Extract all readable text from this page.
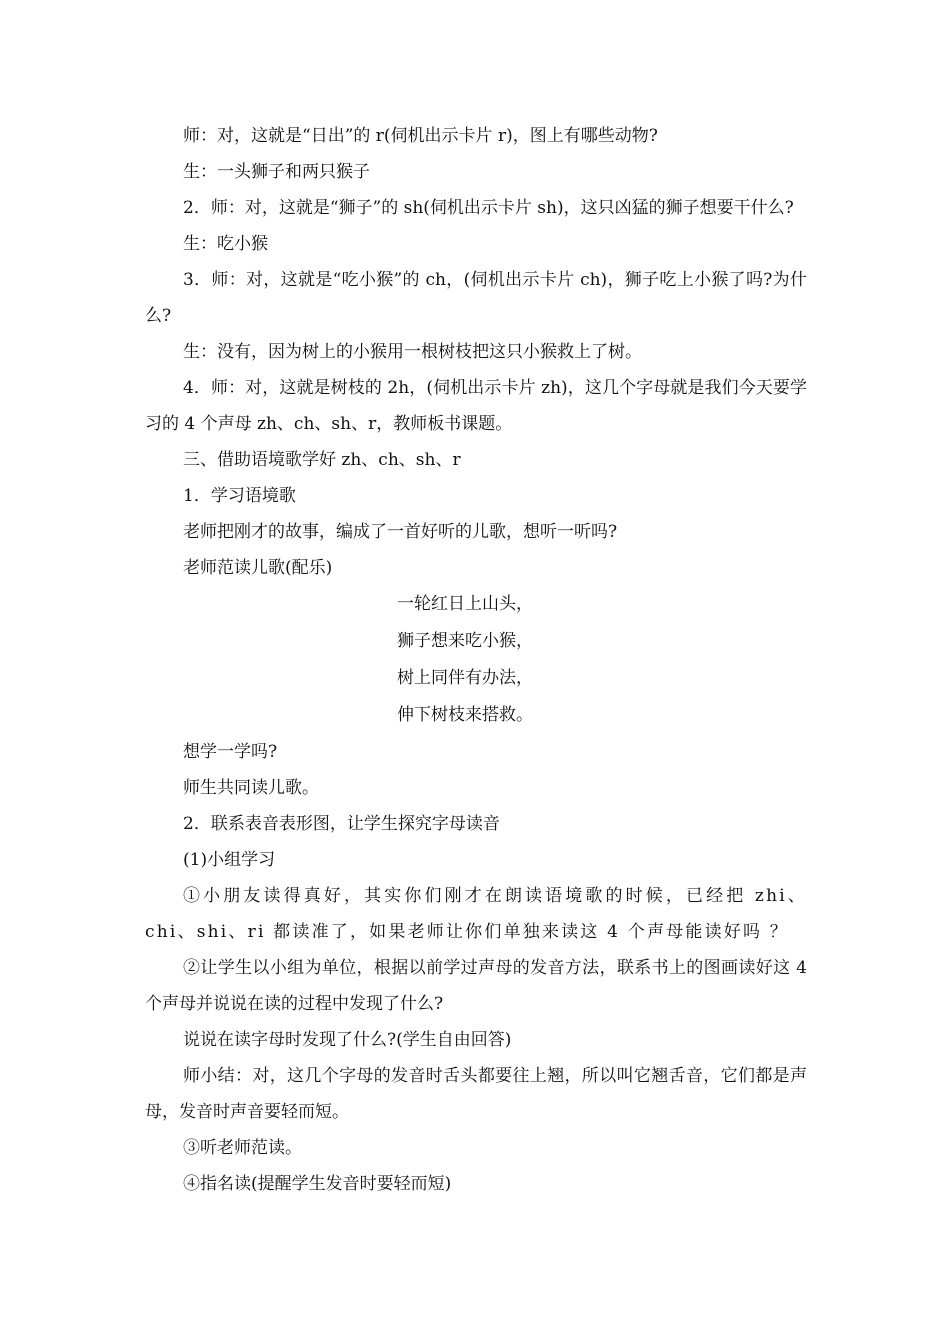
师：对，这就是“日出”的 r(伺机出示卡片 r)，图上有哪些动物?

生：一头狮子和两只猴子

2．师：对，这就是“狮子”的 sh(伺机出示卡片 sh)，这只凶猛的狮子想要干什么?

生：吃小猴

3．师：对，这就是“吃小猴”的 ch，(伺机出示卡片 ch)，狮子吃上小猴了吗?为什么?

生：没有，因为树上的小猴用一根树枝把这只小猴救上了树。

4．师：对，这就是树枝的 2h，(伺机出示卡片 zh)，这几个字母就是我们今天要学习的 4 个声母 zh、ch、sh、r，教师板书课题。

三、借助语境歌学好 zh、ch、sh、r

1．学习语境歌

老师把刚才的故事，编成了一首好听的儿歌，想听一听吗?

老师范读儿歌(配乐)

一轮红日上山头，

狮子想来吃小猴，

树上同伴有办法，

伸下树枝来搭救。

想学一学吗?

师生共同读儿歌。

2．联系表音表形图，让学生探究字母读音

(1)小组学习

①小朋友读得真好，其实你们刚才在朗读语境歌的时候，已经把 zhi、chi、shi、ri 都读准了，如果老师让你们单独来读这 4 个声母能读好吗 ？

②让学生以小组为单位，根据以前学过声母的发音方法，联系书上的图画读好这 4 个声母并说说在读的过程中发现了什么?

说说在读字母时发现了什么?(学生自由回答)

师小结：对，这几个字母的发音时舌头都要往上翘，所以叫它翘舌音，它们都是声母，发音时声音要轻而短。

③听老师范读。

④指名读(提醒学生发音时要轻而短)
